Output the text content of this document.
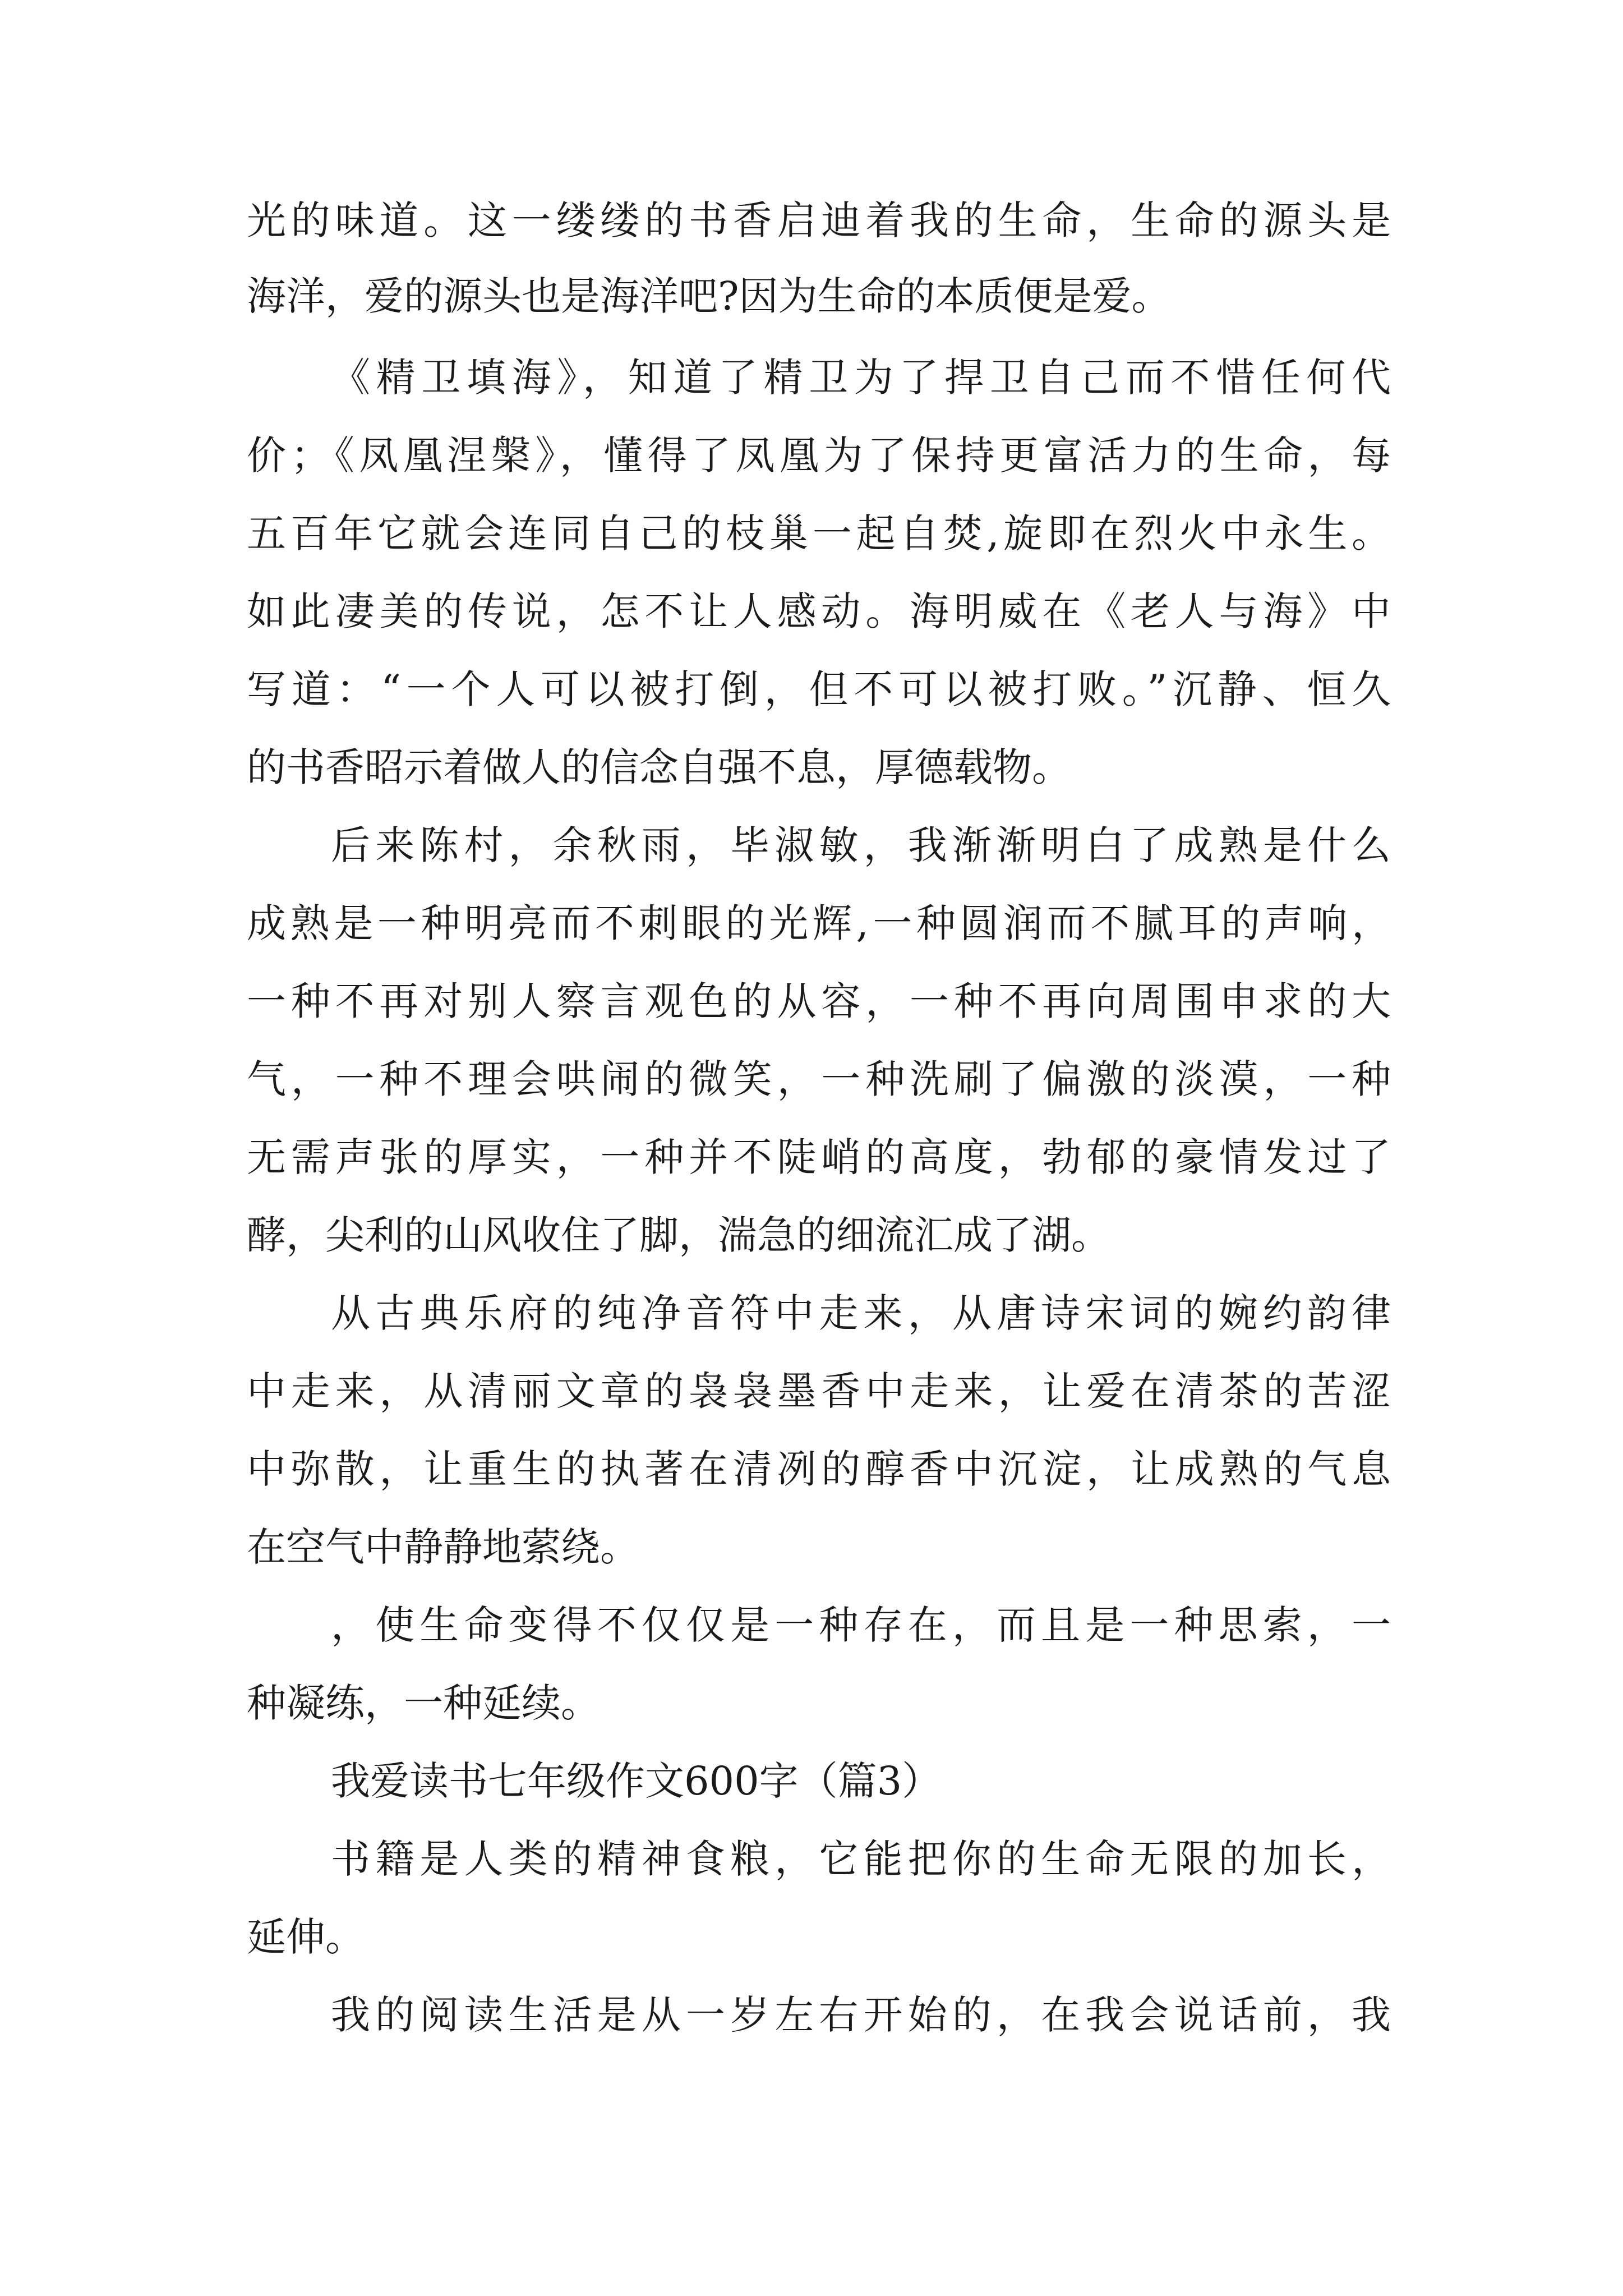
光的味道。这一缕缕的书香启迪着我的生命，生命的源头是
海洋，爱的源头也是海洋吧?因为生命的本质便是爱。
《精卫填海》，知道了精卫为了捍卫自己而不惜任何代
价；《凤凰涅槃》，懂得了凤凰为了保持更富活力的生命，每
五百年它就会连同自己的枝巢一起自焚,旋即在烈火中永生。
如此凄美的传说，怎不让人感动。海明威在《老人与海》中
写道：“一个人可以被打倒，但不可以被打败。”沉静、恒久
的书香昭示着做人的信念自强不息，厚德载物。
后来陈村，余秋雨，毕淑敏，我渐渐明白了成熟是什么
成熟是一种明亮而不刺眼的光辉,一种圆润而不腻耳的声响，
一种不再对别人察言观色的从容，一种不再向周围申求的大
气，一种不理会哄闹的微笑，一种洗刷了偏激的淡漠，一种
无需声张的厚实，一种并不陡峭的高度，勃郁的豪情发过了
酵，尖利的山风收住了脚，湍急的细流汇成了湖。
从古典乐府的纯净音符中走来，从唐诗宋词的婉约韵律
中走来，从清丽文章的袅袅墨香中走来，让爱在清茶的苦涩
中弥散，让重生的执著在清冽的醇香中沉淀，让成熟的气息
在空气中静静地萦绕。
，使生命变得不仅仅是一种存在，而且是一种思索，一
种凝练，一种延续。
我爱读书七年级作文600字（篇3）
书籍是人类的精神食粮，它能把你的生命无限的加长，
延伸。
我的阅读生活是从一岁左右开始的，在我会说话前，我
